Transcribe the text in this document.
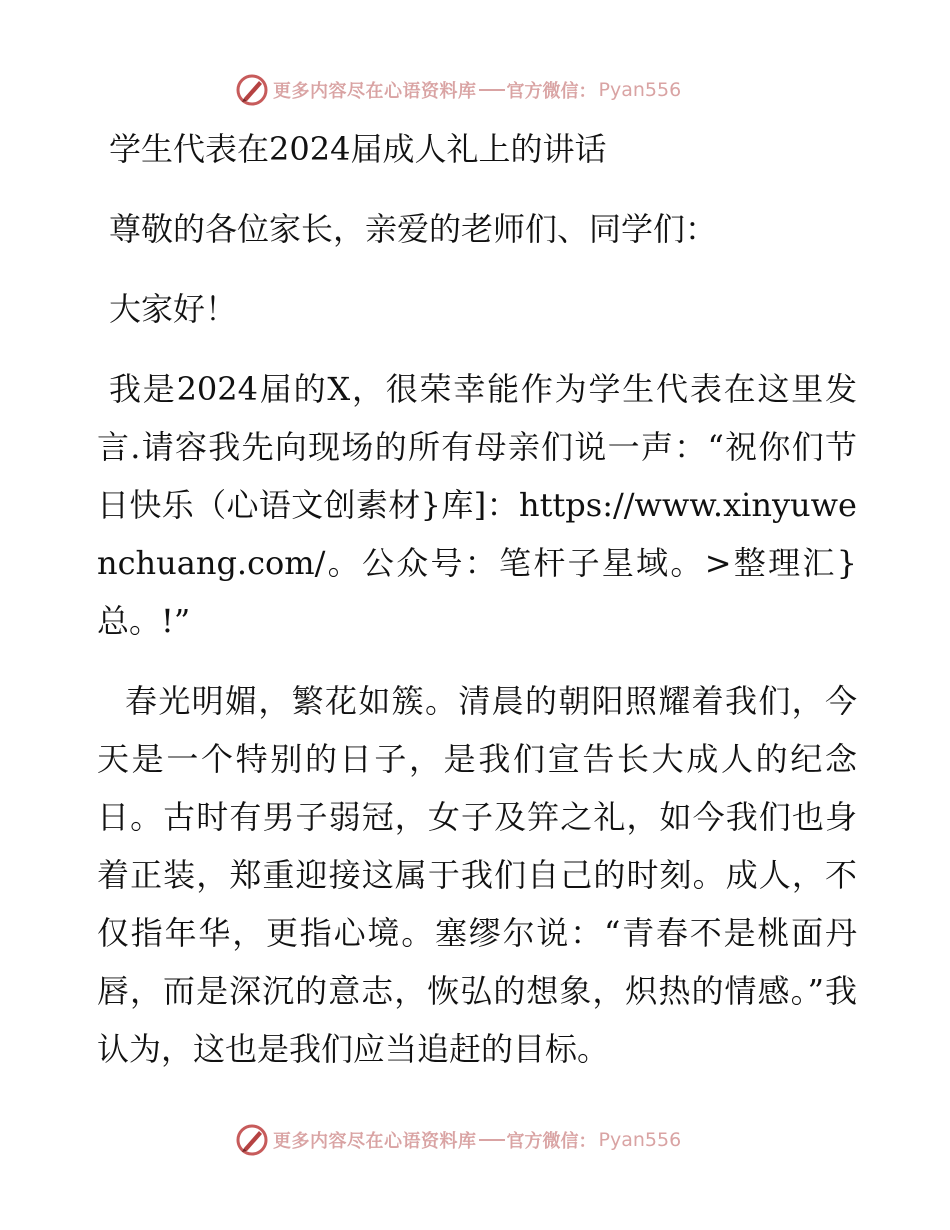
更多内容尽在心语资料库 官方微信： Pyan556

学生代表在2024届成人礼上的讲话

尊敬的各位家长，亲爱的老师们、同学们：

大家好！

我是2024届的X，很荣幸能作为学生代表在这里发言.请容我先向现场的所有母亲们说一声：“祝你们节日快乐（心语文创素材}库]：https://www.xinyuwenchuang.com/。公众号：笔杆子星域。>整理汇}总。!”

春光明媚，繁花如簇。清晨的朝阳照耀着我们，今天是一个特别的日子，是我们宣告长大成人的纪念日。古时有男子弱冠，女子及笄之礼，如今我们也身着正装，郑重迎接这属于我们自己的时刻。成人，不仅指年华，更指心境。塞缪尔说：“青春不是桃面丹唇，而是深沉的意志，恢弘的想象，炽热的情感。”我认为，这也是我们应当追赶的目标。

更多内容尽在心语资料库 官方微信： Pyan556
